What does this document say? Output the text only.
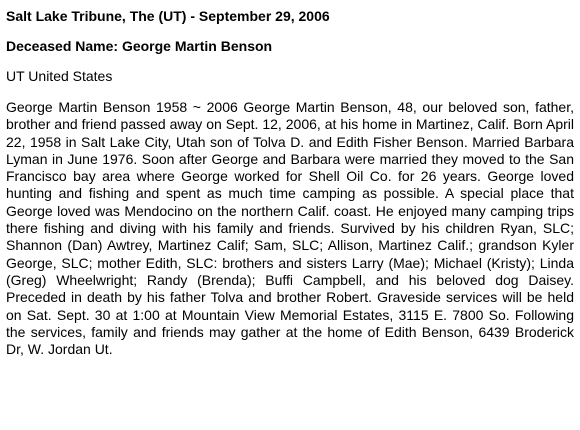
Salt Lake Tribune, The (UT) - September 29, 2006

Deceased Name: George Martin Benson

UT United States

George Martin Benson 1958 ~ 2006 George Martin Benson, 48, our beloved son, father, brother and friend passed away on Sept. 12, 2006, at his home in Martinez, Calif. Born April 22, 1958 in Salt Lake City, Utah son of Tolva D. and Edith Fisher Benson. Married Barbara Lyman in June 1976. Soon after George and Barbara were married they moved to the San Francisco bay area where George worked for Shell Oil Co. for 26 years. George loved hunting and fishing and spent as much time camping as possible. A special place that George loved was Mendocino on the northern Calif. coast. He enjoyed many camping trips there fishing and diving with his family and friends. Survived by his children Ryan, SLC; Shannon (Dan) Awtrey, Martinez Calif; Sam, SLC; Allison, Martinez Calif.; grandson Kyler George, SLC; mother Edith, SLC: brothers and sisters Larry (Mae); Michael (Kristy); Linda (Greg) Wheelwright; Randy (Brenda); Buffi Campbell, and his beloved dog Daisey. Preceded in death by his father Tolva and brother Robert. Graveside services will be held on Sat. Sept. 30 at 1:00 at Mountain View Memorial Estates, 3115 E. 7800 So. Following the services, family and friends may gather at the home of Edith Benson, 6439 Broderick Dr, W. Jordan Ut.
